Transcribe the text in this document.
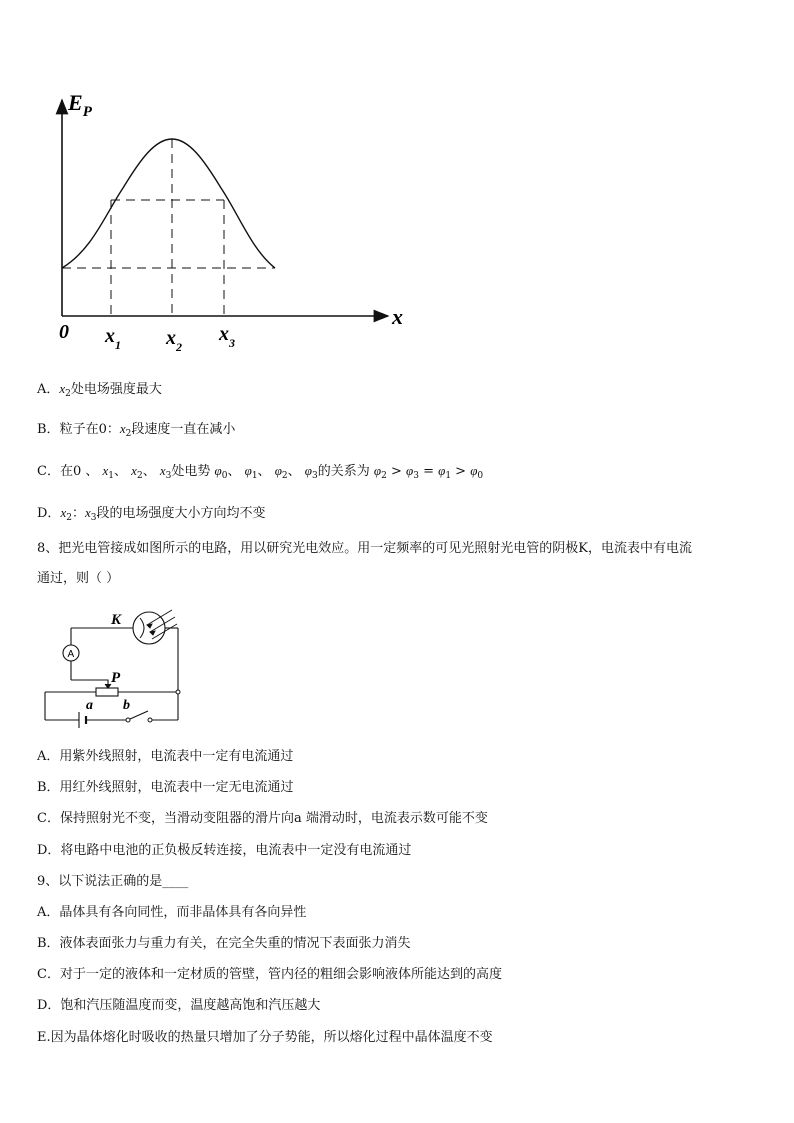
$E_P$
x
0 $x_1$ $x_2$
$x_3$
A．$x_2$处电场强度最大
B．粒子在0：$x_2$段速度一直在减小
C．在0 、 $x_1$、 $x_2$、 $x_3$处电势 $\varphi_0$、 $\varphi_1$、 $\varphi_2$、 $\varphi_3$的关系为 $\varphi_2 > \varphi_3 = \varphi_1 > \varphi_0$
D．$x_2$：$x_3$段的电场强度大小方向均不变
8、把光电管接成如图所示的电路，用以研究光电效应。用一定频率的可见光照射光电管的阴极K，电流表中有电流
通过，则（ ）
A
K
P
a b
A．用紫外线照射，电流表中一定有电流通过
B．用红外线照射，电流表中一定无电流通过
C．保持照射光不变，当滑动变阻器的滑片向a 端滑动时，电流表示数可能不变
D．将电路中电池的正负极反转连接，电流表中一定没有电流通过
9、以下说法正确的是____
A．晶体具有各向同性，而非晶体具有各向异性
B．液体表面张力与重力有关，在完全失重的情况下表面张力消失
C．对于一定的液体和一定材质的管壁，管内径的粗细会影响液体所能达到的高度
D．饱和汽压随温度而变，温度越高饱和汽压越大
E.因为晶体熔化时吸收的热量只增加了分子势能，所以熔化过程中晶体温度不变
